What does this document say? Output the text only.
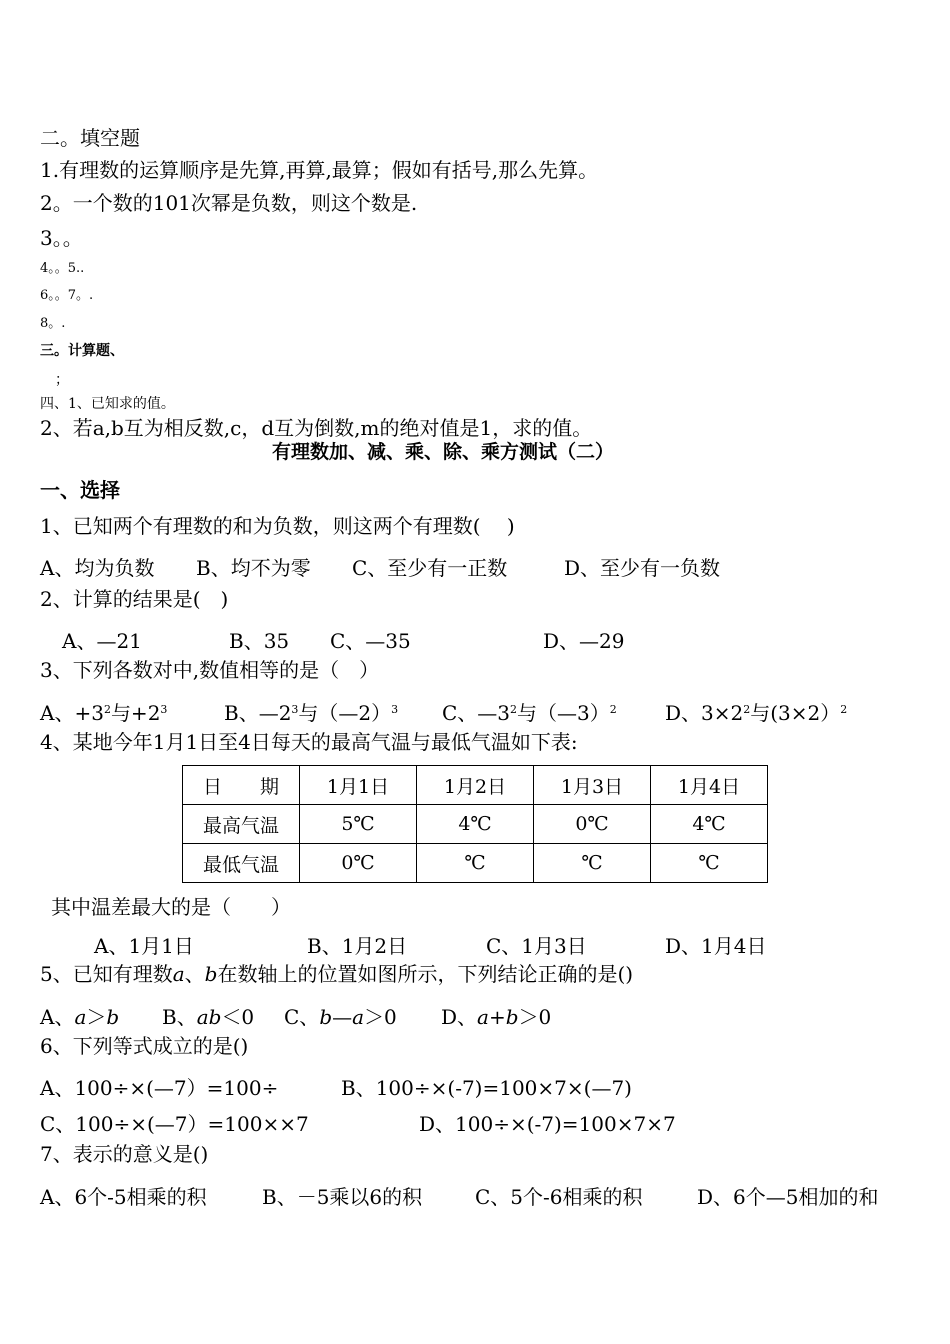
二。填空题
1.有理数的运算顺序是先算,再算,最算；假如有括号,那么先算。
2。一个数的101次幂是负数，则这个数是.
3。。
4。。5..
6。。7。.
8。.
三。计算题、
；
四、1、已知求的值。
2、若a,b互为相反数,c，d互为倒数,m的绝对值是1，求的值。
有理数加、减、乘、除、乘方测试（二）
一、选择
1、已知两个有理数的和为负数，则这两个有理数(　 )
A、均为负数 B、均不为零 C、至少有一正数	D、至少有一负数
2、计算的结果是(　)
A、—21	B、35 C、—35	D、—29
3、下列各数对中,数值相等的是（　）
A、$+3^2$与$+2^3$	B、$—2^3$与（—2）$^3$ C、$—3^2$与（—3）$^2$ D、$3\times 2^2$与(3×2）$^2$
4、某地今年1月1日至4日每天的最高气温与最低气温如下表:
日　　期	1月1日	1月2日	1月3日	1月4日
最高气温	5℃	4℃	0℃	4℃
最低气温	0℃	℃	℃	℃
其中温差最大的是（　　）
A、1月1日	B、1月2日	C、1月3日	D、1月4日
5、已知有理数a、b在数轴上的位置如图所示，下列结论正确的是()
A、a＞b B、ab＜0 C、b—a＞0 D、a+b＞0
6、下列等式成立的是()
A、100÷×(—7）=100÷	B、100÷×(-7)=100×7×(—7)
C、100÷×(—7）=100××7	D、100÷×(-7)=100×7×7
7、表示的意义是()
A、6个-5相乘的积	B、－5乘以6的积	C、5个-6相乘的积	D、6个—5相加的和
